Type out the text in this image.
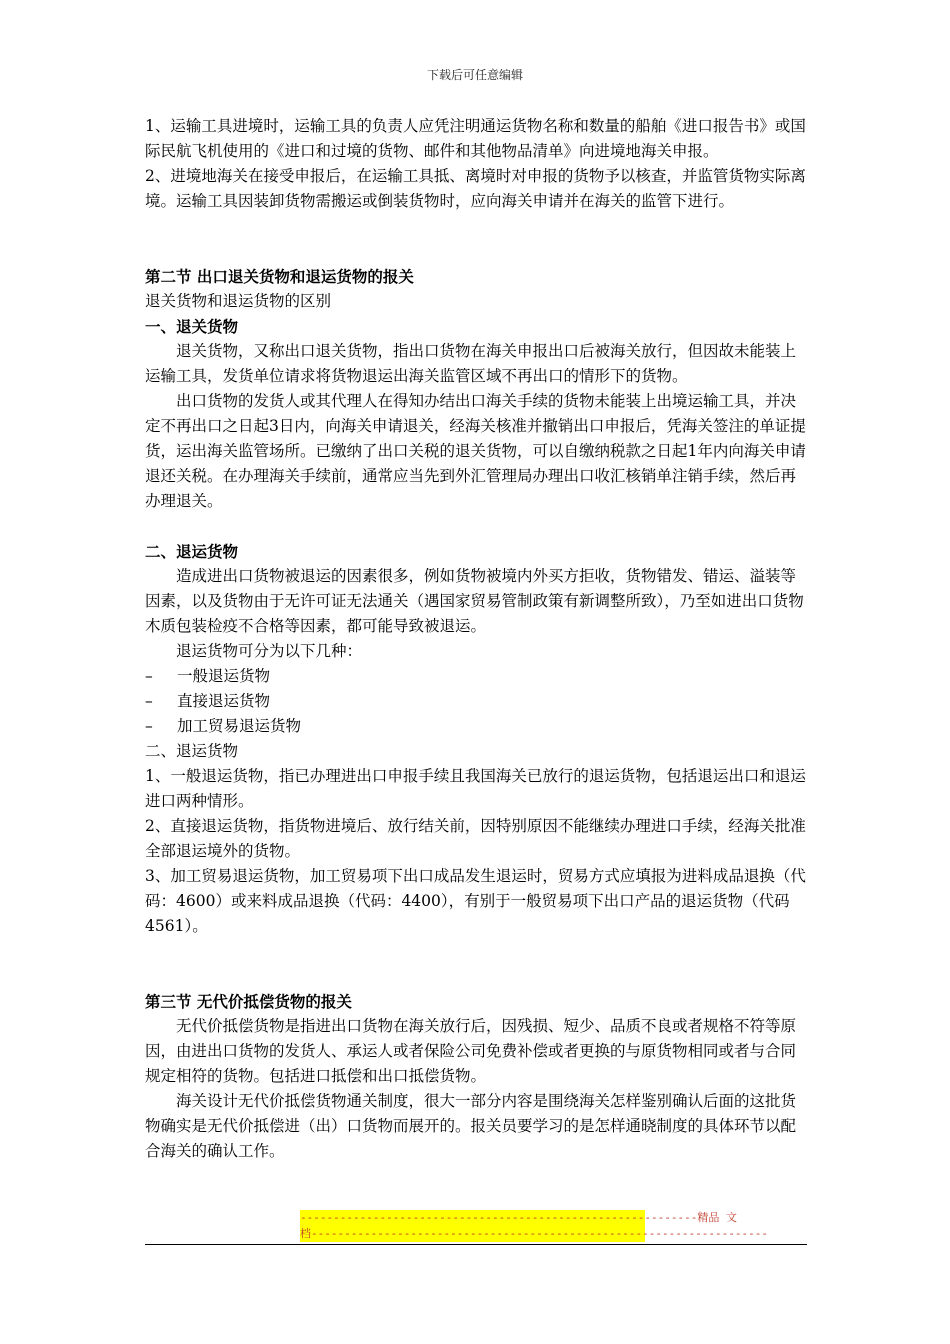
下载后可任意编辑

1、运输工具进境时，运输工具的负责人应凭注明通运货物名称和数量的船舶《进口报告书》或国际民航飞机使用的《进口和过境的货物、邮件和其他物品清单》向进境地海关申报。

2、进境地海关在接受申报后，在运输工具抵、离境时对申报的货物予以核查，并监管货物实际离境。运输工具因装卸货物需搬运或倒装货物时，应向海关申请并在海关的监管下进行。

第二节 出口退关货物和退运货物的报关

退关货物和退运货物的区别

一、退关货物

退关货物，又称出口退关货物，指出口货物在海关申报出口后被海关放行，但因故未能装上运输工具，发货单位请求将货物退运出海关监管区域不再出口的情形下的货物。

出口货物的发货人或其代理人在得知办结出口海关手续的货物未能装上出境运输工具，并决定不再出口之日起3日内，向海关申请退关，经海关核准并撤销出口申报后，凭海关签注的单证提货，运出海关监管场所。已缴纳了出口关税的退关货物，可以自缴纳税款之日起1年内向海关申请退还关税。在办理海关手续前，通常应当先到外汇管理局办理出口收汇核销单注销手续，然后再办理退关。

二、退运货物

造成进出口货物被退运的因素很多，例如货物被境内外买方拒收，货物错发、错运、溢装等因素，以及货物由于无许可证无法通关（遇国家贸易管制政策有新调整所致），乃至如进出口货物木质包装检疫不合格等因素，都可能导致被退运。

退运货物可分为以下几种：

–	一般退运货物
–	直接退运货物
–	加工贸易退运货物

二、退运货物

1、一般退运货物，指已办理进出口申报手续且我国海关已放行的退运货物，包括退运出口和退运进口两种情形。

2、直接退运货物，指货物进境后、放行结关前，因特别原因不能继续办理进口手续，经海关批准全部退运境外的货物。

3、加工贸易退运货物，加工贸易项下出口成品发生退运时，贸易方式应填报为进料成品退换（代码：4600）或来料成品退换（代码：4400），有别于一般贸易项下出口产品的退运货物（代码4561）。

第三节 无代价抵偿货物的报关

无代价抵偿货物是指进出口货物在海关放行后，因残损、短少、品质不良或者规格不符等原因，由进出口货物的发货人、承运人或者保险公司免费补偿或者更换的与原货物相同或者与合同规定相符的货物。包括进口抵偿和出口抵偿货物。

海关设计无代价抵偿货物通关制度，很大一部分内容是围绕海关怎样鉴别确认后面的这批货物确实是无代价抵偿进（出）口货物而展开的。报关员要学习的是怎样通晓制度的具体环节以配合海关的确认工作。

------------------------------------------------------------精品 文
档---------------------------------------------------------------------
